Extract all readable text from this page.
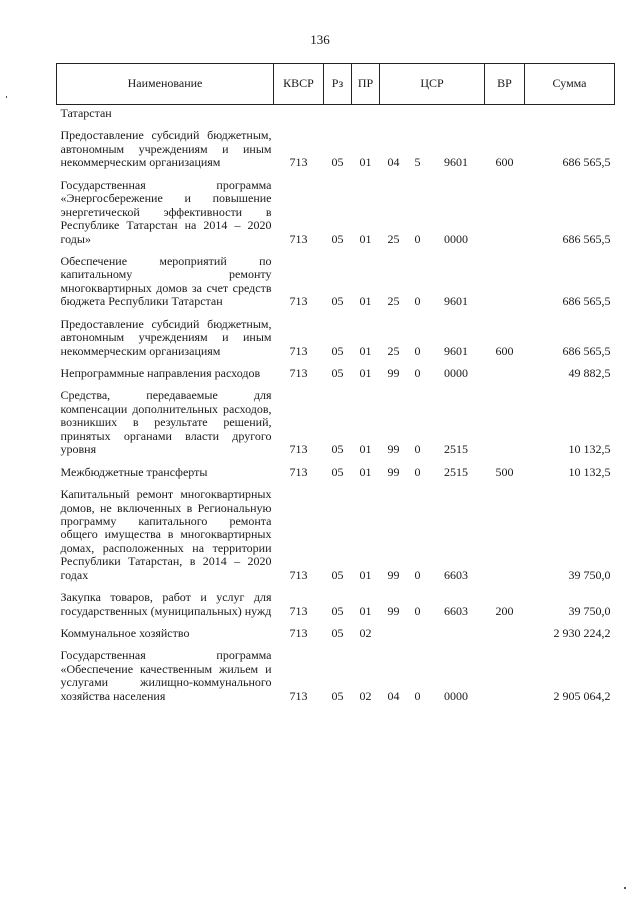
136
Наименование	КВСР	Рз	ПР	ЦСР			ВР	Сумма

Татарстан								

Предоставление субсидий бюджетным, автономным учреждениям и иным некоммерческим организациям	713	05	01	04	5	9601	600	686 565,5

Государственная программа «Энергосбережение и повышение энергетической эффективности в Республике Татарстан на 2014 – 2020 годы»	713	05	01	25	0	0000		686 565,5

Обеспечение мероприятий по капитальному ремонту многоквартирных домов за счет средств бюджета Республики Татарстан	713	05	01	25	0	9601		686 565,5

Предоставление субсидий бюджетным, автономным учреждениям и иным некоммерческим организациям	713	05	01	25	0	9601	600	686 565,5

Непрограммные направления расходов	713	05	01	99	0	0000		49 882,5

Средства, передаваемые для компенсации дополнительных расходов, возникших в результате решений, принятых органами власти другого уровня	713	05	01	99	0	2515		10 132,5

Межбюджетные трансферты	713	05	01	99	0	2515	500	10 132,5

Капитальный ремонт многоквартирных домов, не включенных в Региональную программу капитального ремонта общего имущества в многоквартирных домах, расположенных на территории Республики Татарстан, в 2014 – 2020 годах	713	05	01	99	0	6603		39 750,0

Закупка товаров, работ и услуг для государственных (муниципальных) нужд	713	05	01	99	0	6603	200	39 750,0

Коммунальное хозяйство	713	05	02					2 930 224,2

Государственная программа «Обеспечение качественным жильем и услугами жилищно-коммунального хозяйства населения	713	05	02	04	0	0000		2 905 064,2
